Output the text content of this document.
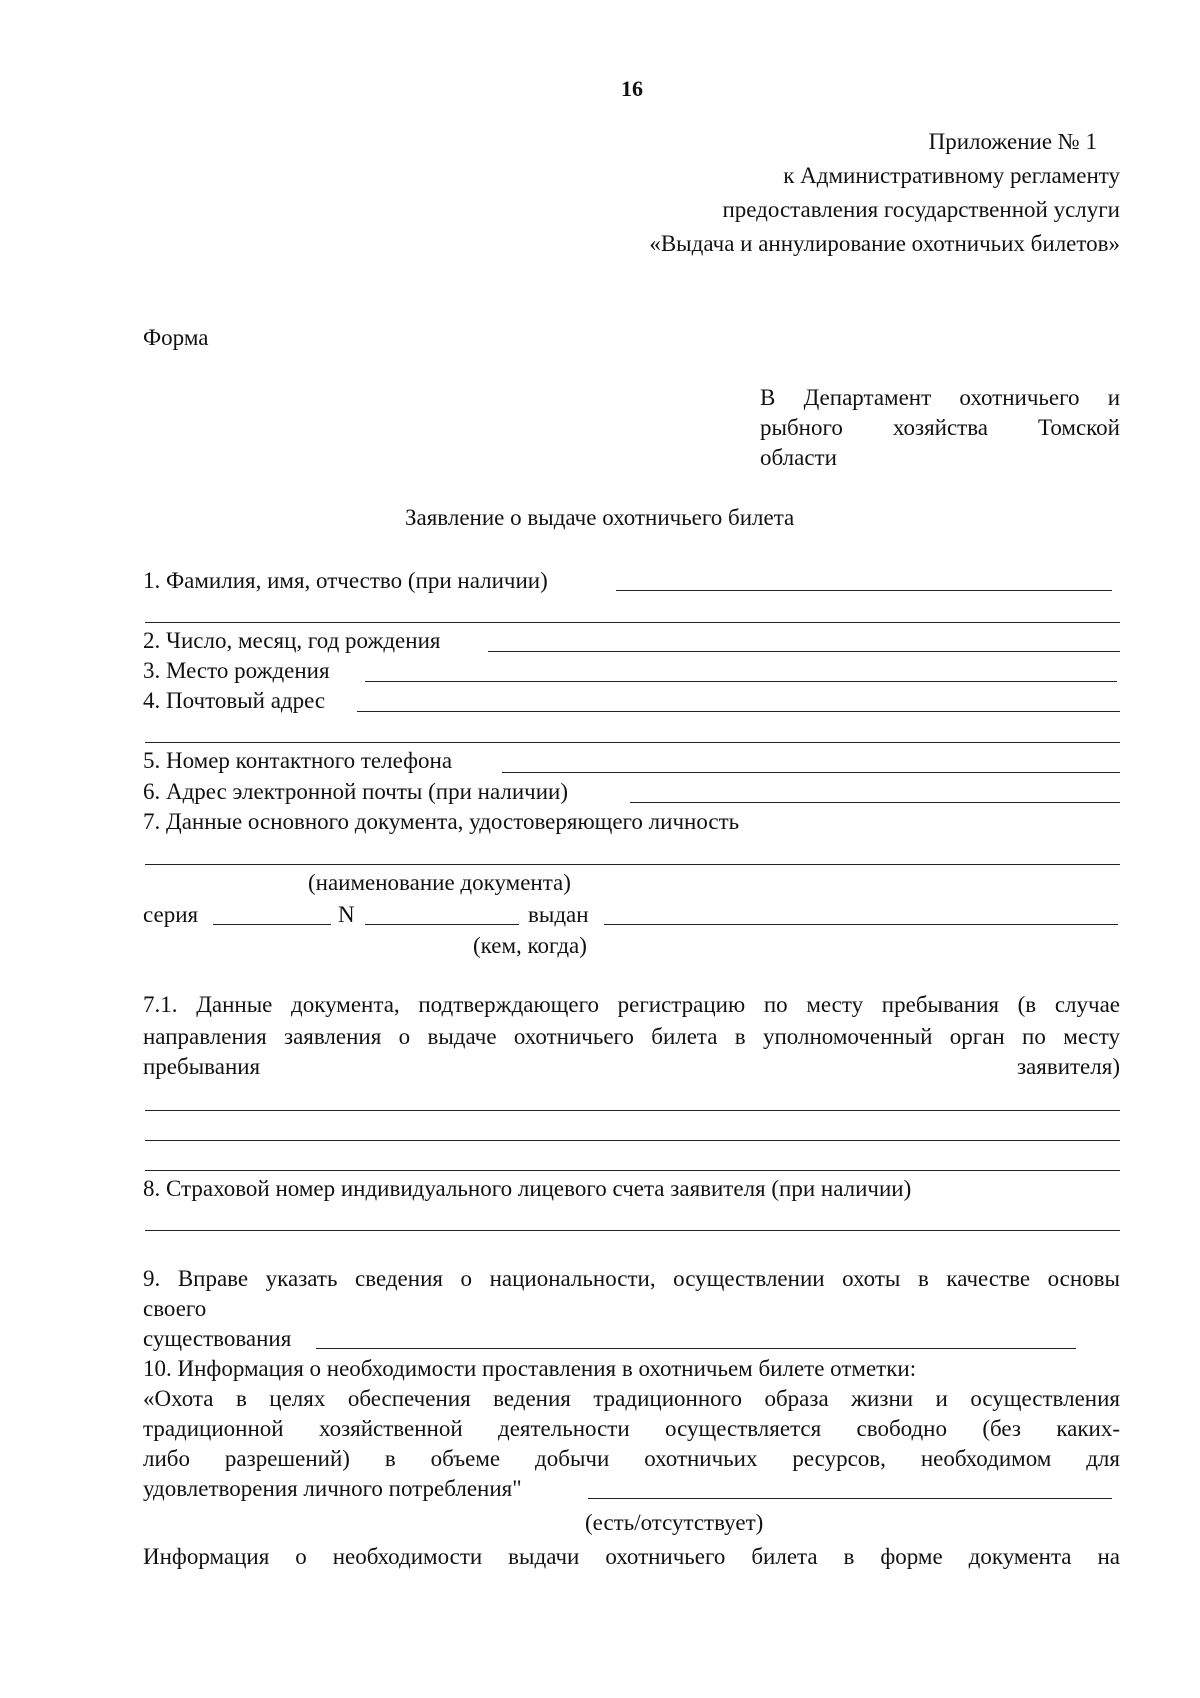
16
Приложение № 1
к Административному регламенту
предоставления государственной услуги
«Выдача и аннулирование охотничьих билетов»
Форма
В Департамент охотничьего и
рыбного хозяйства Томской
области
Заявление о выдаче охотничьего билета
1. Фамилия, имя, отчество (при наличии)
2. Число, месяц, год рождения
3. Место рождения
4. Почтовый адрес
5. Номер контактного телефона
6. Адрес электронной почты (при наличии)
7. Данные основного документа, удостоверяющего личность
(наименование документа)
серия	N	выдан
(кем, когда)
7.1. Данные документа, подтверждающего регистрацию по месту пребывания (в случае
направления заявления о выдаче охотничьего билета в уполномоченный орган по месту
пребывания	заявителя)
8. Страховой номер индивидуального лицевого счета заявителя (при наличии)
9. Вправе указать сведения о национальности, осуществлении охоты в качестве основы
своего
существования
10. Информация о необходимости проставления в охотничьем билете отметки:
«Охота в целях обеспечения ведения традиционного образа жизни и осуществления
традиционной хозяйственной деятельности осуществляется свободно (без каких-
либо разрешений) в объеме добычи охотничьих ресурсов, необходимом для
удовлетворения личного потребления"
(есть/отсутствует)
Информация о необходимости выдачи охотничьего билета в форме документа на
